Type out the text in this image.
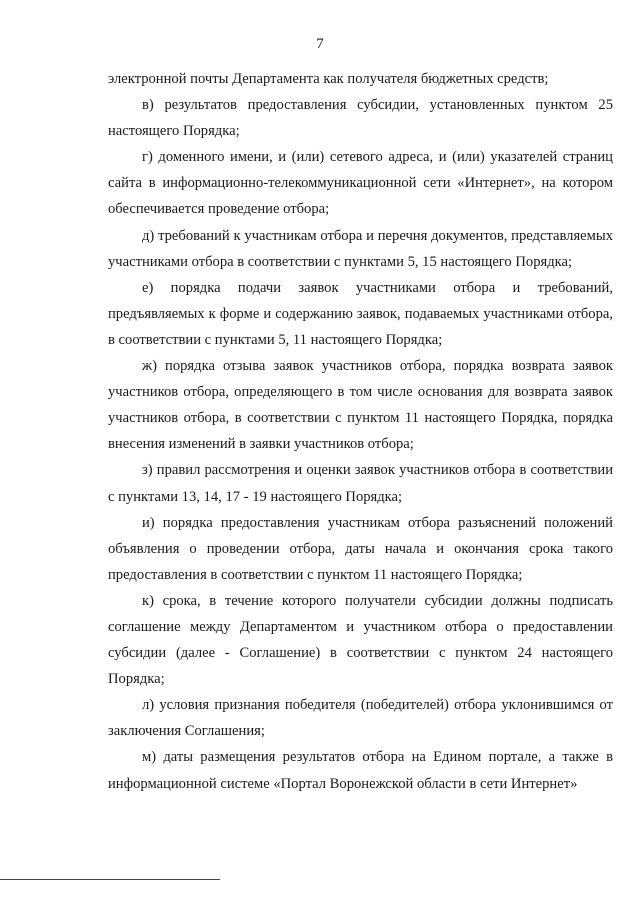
7

электронной почты Департамента как получателя бюджетных средств;

в) результатов предоставления субсидии, установленных пунктом 25 настоящего Порядка;

г) доменного имени, и (или) сетевого адреса, и (или) указателей страниц сайта в информационно-телекоммуникационной сети «Интернет», на котором обеспечивается проведение отбора;

д) требований к участникам отбора и перечня документов, представляемых участниками отбора в соответствии с пунктами 5, 15 настоящего Порядка;

е) порядка подачи заявок участниками отбора и требований, предъявляемых к форме и содержанию заявок, подаваемых участниками отбора, в соответствии с пунктами 5, 11 настоящего Порядка;

ж) порядка отзыва заявок участников отбора, порядка возврата заявок участников отбора, определяющего в том числе основания для возврата заявок участников отбора, в соответствии с пунктом 11 настоящего Порядка, порядка внесения изменений в заявки участников отбора;

з) правил рассмотрения и оценки заявок участников отбора в соответствии с пунктами 13, 14, 17 - 19 настоящего Порядка;

и) порядка предоставления участникам отбора разъяснений положений объявления о проведении отбора, даты начала и окончания срока такого предоставления в соответствии с пунктом 11 настоящего Порядка;

к) срока, в течение которого получатели субсидии должны подписать соглашение между Департаментом и участником отбора о предоставлении субсидии (далее - Соглашение) в соответствии с пунктом 24 настоящего Порядка;

л) условия признания победителя (победителей) отбора уклонившимся от заключения Соглашения;

м) даты размещения результатов отбора на Едином портале, а также в информационной системе «Портал Воронежской области в сети Интернет»
